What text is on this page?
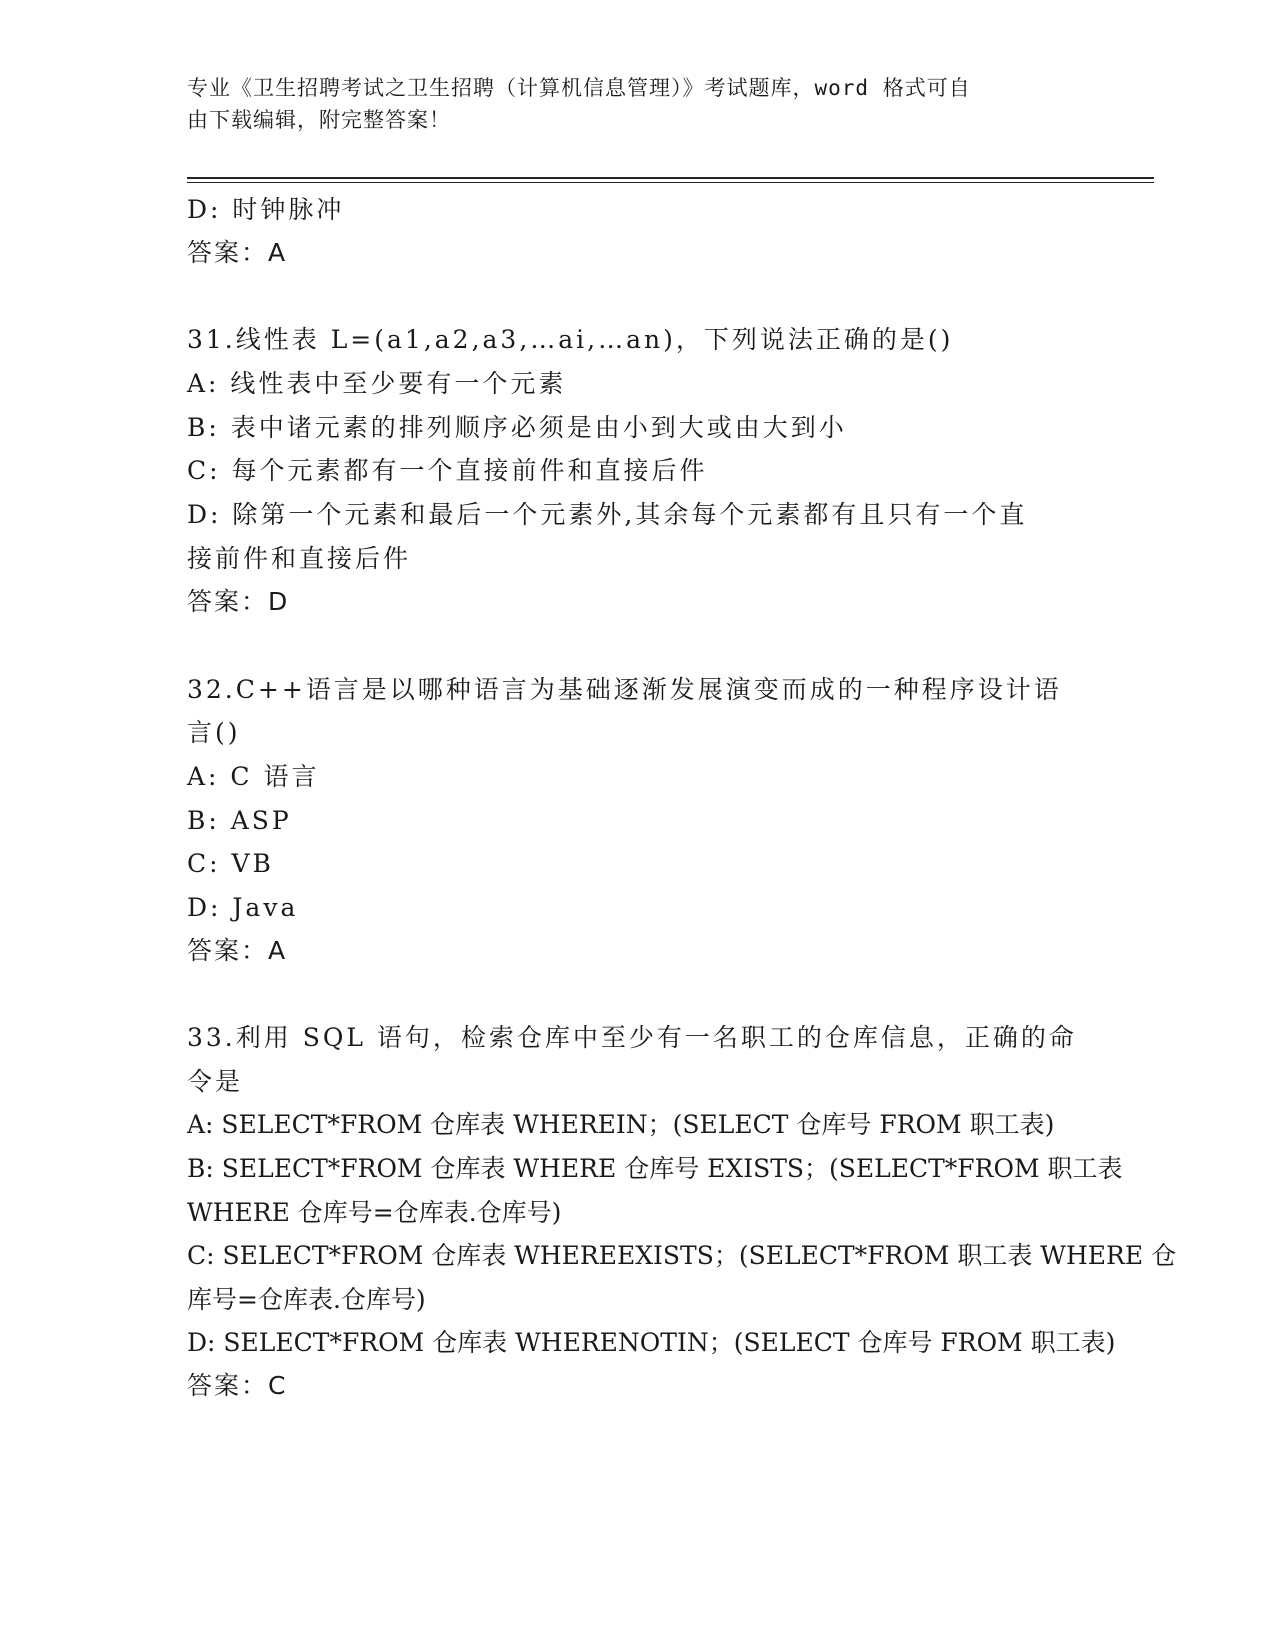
专业《卫生招聘考试之卫生招聘（计算机信息管理）》考试题库，word 格式可自
由下载编辑，附完整答案！
D: 时钟脉冲
答案：A
31.线性表 L=(a1,a2,a3,…ai,…an)，下列说法正确的是()
A: 线性表中至少要有一个元素
B: 表中诸元素的排列顺序必须是由小到大或由大到小
C: 每个元素都有一个直接前件和直接后件
D: 除第一个元素和最后一个元素外,其余每个元素都有且只有一个直
接前件和直接后件
答案：D
32.C++语言是以哪种语言为基础逐渐发展演变而成的一种程序设计语
言()
A: C 语言
B: ASP
C: VB
D: Java
答案：A
33.利用 SQL 语句，检索仓库中至少有一名职工的仓库信息，正确的命
令是
A: SELECT*FROM 仓库表 WHEREIN；(SELECT 仓库号 FROM 职工表)
B: SELECT*FROM 仓库表 WHERE 仓库号 EXISTS；(SELECT*FROM 职工表
WHERE 仓库号=仓库表.仓库号)
C: SELECT*FROM 仓库表 WHEREEXISTS；(SELECT*FROM 职工表 WHERE 仓
库号=仓库表.仓库号)
D: SELECT*FROM 仓库表 WHERENOTIN；(SELECT 仓库号 FROM 职工表)
答案：C
